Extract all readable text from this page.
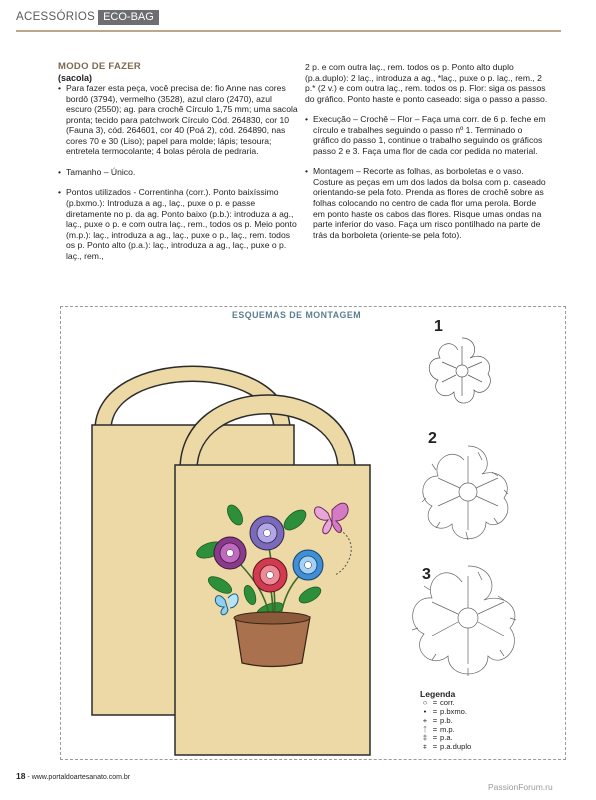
ACESSÓRIOS ECO-BAG
MODO DE FAZER
(sacola)

• Para fazer esta peça, você precisa de: fio Anne nas cores bordô (3794), vermelho (3528), azul claro (2470), azul escuro (2550); ag. para crochê Círculo 1,75 mm; uma sacola pronta; tecido para patchwork Círculo Cód. 264830, cor 10 (Fauna 3), cód. 264601, cor 40 (Poá 2), cód. 264890, nas cores 70 e 30 (Liso); papel para molde; lápis; tesoura; entretela termocolante; 4 bolas pérola de pedraria.

• Tamanho – Único.

• Pontos utilizados - Correntinha (corr.). Ponto baixíssimo (p.bxmo.): Introduza a ag., laç., puxe o p. e passe diretamente no p. da ag. Ponto baixo (p.b.): introduza a ag., laç., puxe o p. e com outra laç., rem., todos os p. Meio ponto (m.p.): laç., introduza a ag., laç., puxe o p., laç., rem. todos os p. Ponto alto (p.a.): laç., introduza a ag., laç., puxe o p. laç., rem.,

2 p. e com outra laç., rem. todos os p. Ponto alto duplo (p.a.duplo): 2 laç., introduza a ag., *laç., puxe o p. laç., rem., 2 p.* (2 v.) e com outra laç., rem. todos os p. Flor: siga os passos do gráfico. Ponto haste e ponto caseado: siga o passo a passo.

• Execução – Crochê – Flor – Faça uma corr. de 6 p. feche em círculo e trabalhes seguindo o passo nº 1. Terminado o gráfico do passo 1, continue o trabalho seguindo os gráficos passo 2 e 3. Faça uma flor de cada cor pedida no material.

• Montagem – Recorte as folhas, as borboletas e o vaso. Costure as peças em um dos lados da bolsa com p. caseado orientando-se pela foto. Prenda as flores de crochê sobre as folhas colocando no centro de cada flor uma perola. Borde em ponto haste os cabos das flores. Risque umas ondas na parte inferior do vaso. Faça um risco pontilhado na parte de trás da borboleta (oriente-se pela foto).

ESQUEMAS DE MONTAGEM
1
2
3
Legenda
○ = corr.
• = p.bxmo.
+ = p.b.
ᛏ = m.p.
‡ = p.a.
⧧ = p.a.duplo
18 - www.portaldoartesanato.com.br
PassionForum.ru
